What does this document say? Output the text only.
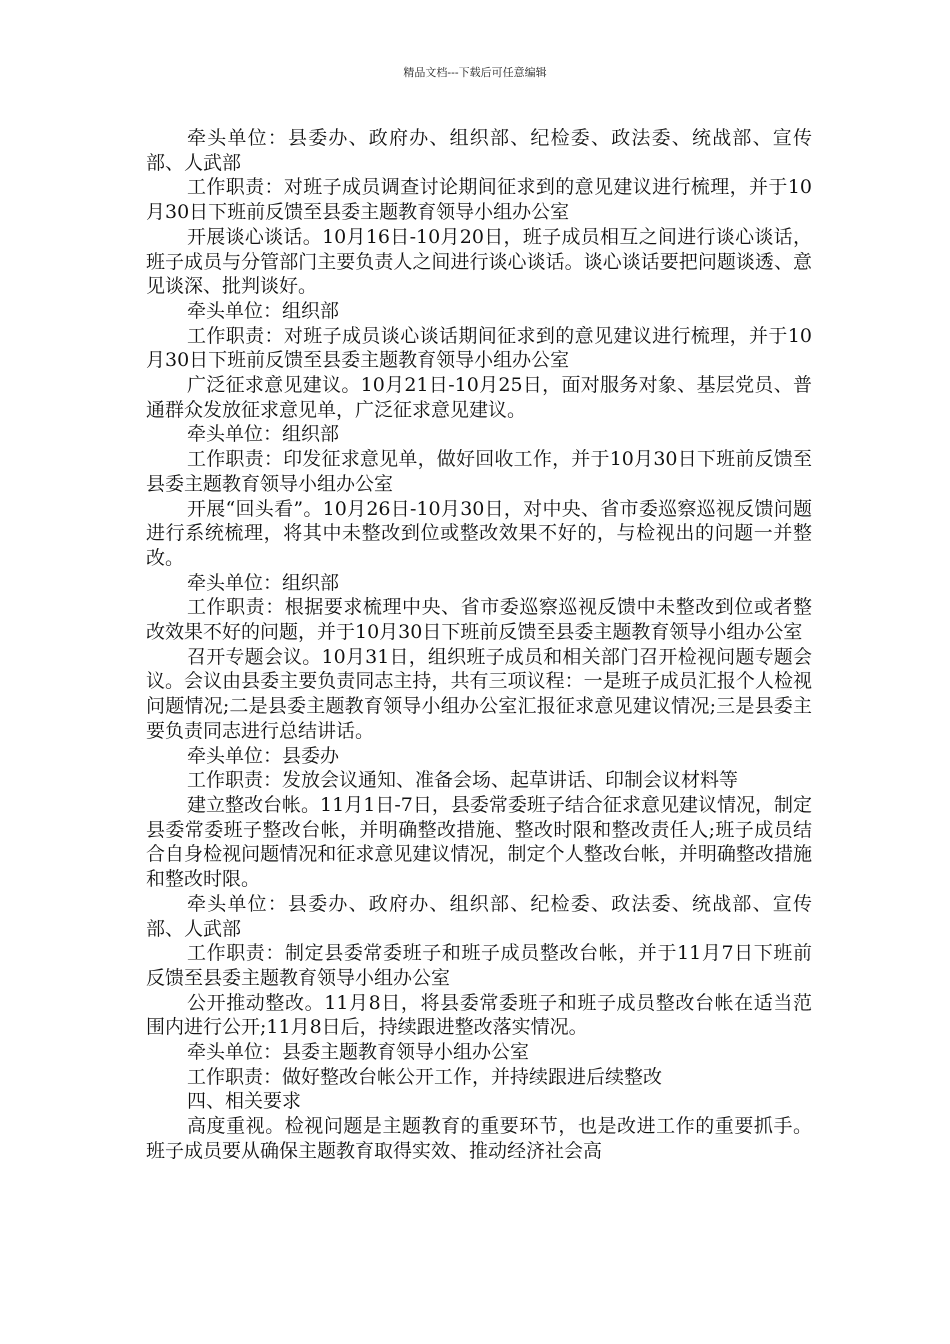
精品文档---下载后可任意编辑

牵头单位：县委办、政府办、组织部、纪检委、政法委、统战部、宣传部、人武部

工作职责：对班子成员调查讨论期间征求到的意见建议进行梳理，并于10月30日下班前反馈至县委主题教育领导小组办公室

开展谈心谈话。10月16日-10月20日，班子成员相互之间进行谈心谈话，班子成员与分管部门主要负责人之间进行谈心谈话。谈心谈话要把问题谈透、意见谈深、批判谈好。

牵头单位：组织部

工作职责：对班子成员谈心谈话期间征求到的意见建议进行梳理，并于10月30日下班前反馈至县委主题教育领导小组办公室

广泛征求意见建议。10月21日-10月25日，面对服务对象、基层党员、普通群众发放征求意见单，广泛征求意见建议。

牵头单位：组织部

工作职责：印发征求意见单，做好回收工作，并于10月30日下班前反馈至县委主题教育领导小组办公室

开展“回头看”。10月26日-10月30日，对中央、省市委巡察巡视反馈问题进行系统梳理，将其中未整改到位或整改效果不好的，与检视出的问题一并整改。

牵头单位：组织部

工作职责：根据要求梳理中央、省市委巡察巡视反馈中未整改到位或者整改效果不好的问题，并于10月30日下班前反馈至县委主题教育领导小组办公室

召开专题会议。10月31日，组织班子成员和相关部门召开检视问题专题会议。会议由县委主要负责同志主持，共有三项议程：一是班子成员汇报个人检视问题情况;二是县委主题教育领导小组办公室汇报征求意见建议情况;三是县委主要负责同志进行总结讲话。

牵头单位：县委办

工作职责：发放会议通知、准备会场、起草讲话、印制会议材料等

建立整改台帐。11月1日-7日，县委常委班子结合征求意见建议情况，制定县委常委班子整改台帐，并明确整改措施、整改时限和整改责任人;班子成员结合自身检视问题情况和征求意见建议情况，制定个人整改台帐，并明确整改措施和整改时限。

牵头单位：县委办、政府办、组织部、纪检委、政法委、统战部、宣传部、人武部

工作职责：制定县委常委班子和班子成员整改台帐，并于11月7日下班前反馈至县委主题教育领导小组办公室

公开推动整改。11月8日，将县委常委班子和班子成员整改台帐在适当范围内进行公开;11月8日后，持续跟进整改落实情况。

牵头单位：县委主题教育领导小组办公室

工作职责：做好整改台帐公开工作，并持续跟进后续整改

四、相关要求

高度重视。检视问题是主题教育的重要环节，也是改进工作的重要抓手。班子成员要从确保主题教育取得实效、推动经济社会高
